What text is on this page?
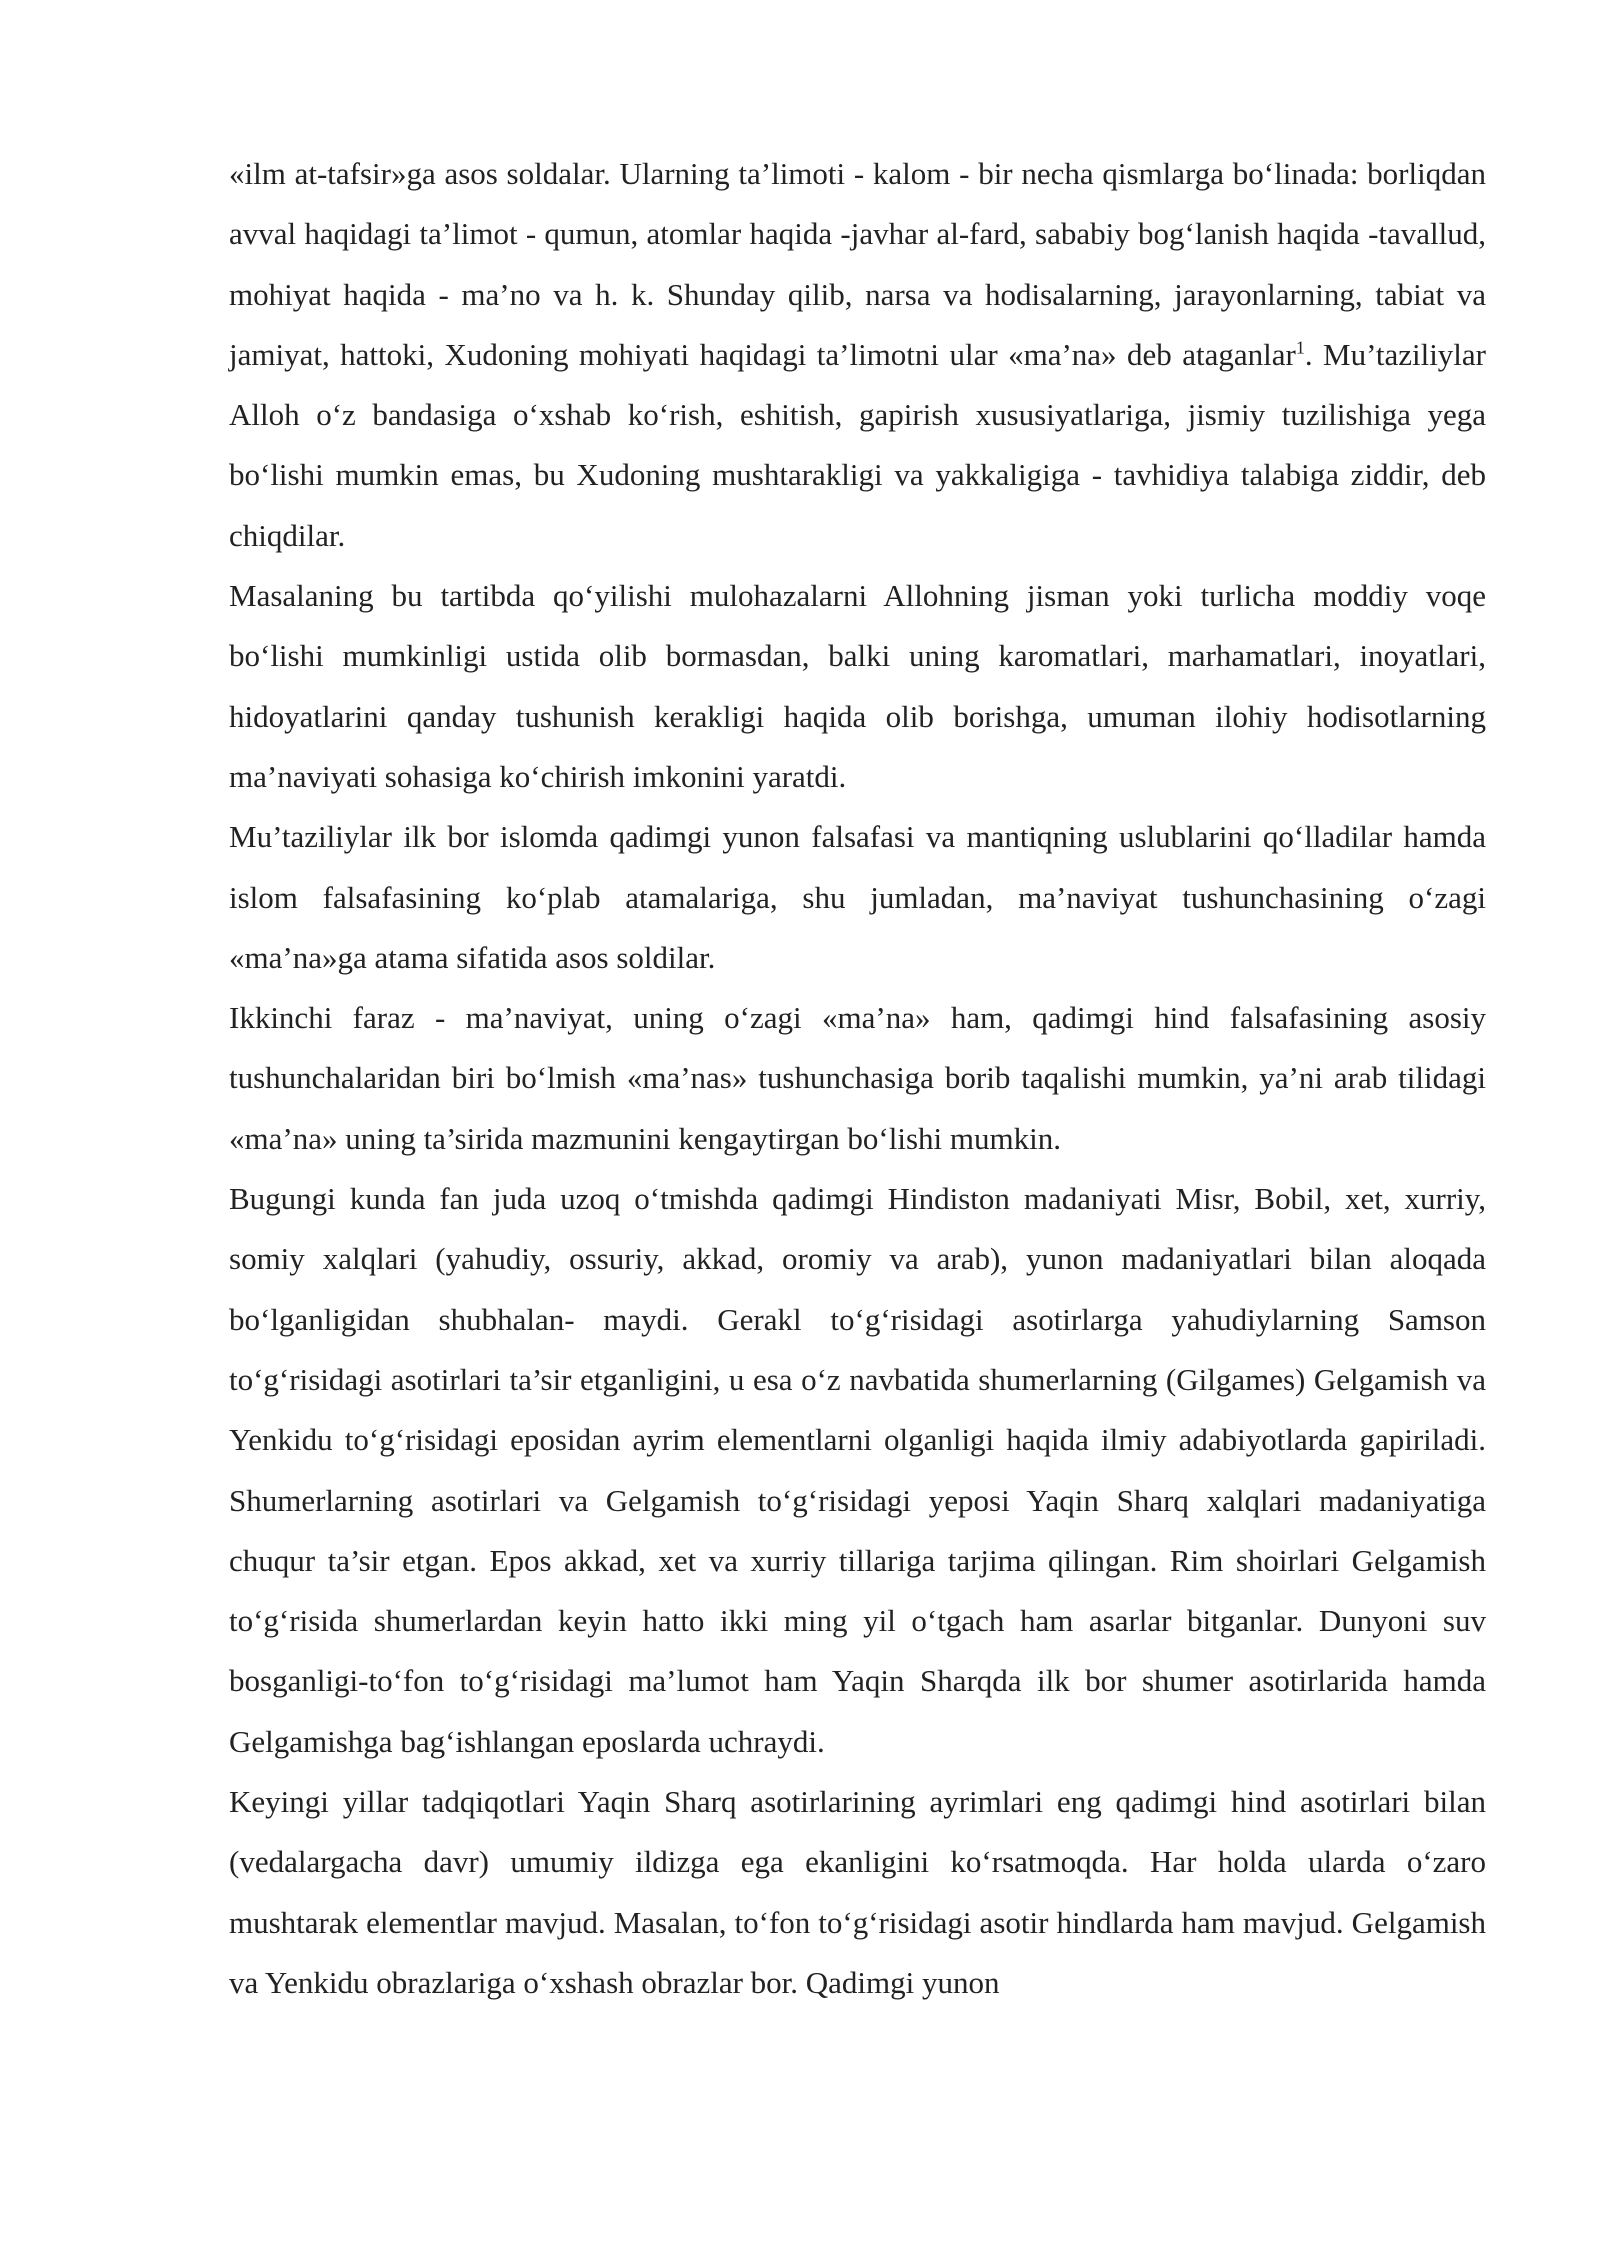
«ilm at-tafsir»ga asos soldalar. Ularning ta’limoti - kalom - bir necha qismlarga bo‘linada: borliqdan avval haqidagi ta’limot - qumun, atomlar haqida -javhar al-fard, sababiy bog‘lanish haqida -tavallud, mohiyat haqida - ma’no va h. k. Shunday qilib, narsa va hodisalarning, jarayonlarning, tabiat va jamiyat, hattoki, Xudoning mohiyati haqidagi ta’limotni ular «ma’na» deb ataganlar$^1$. Mu’taziliylar Alloh o‘z bandasiga o‘xshab ko‘rish, eshitish, gapirish xususiyatlariga, jismiy tuzilishiga yega bo‘lishi mumkin emas, bu Xudoning mushtarakligi va yakkaligiga - tavhidiya talabiga ziddir, deb chiqdilar.

Masalaning bu tartibda qo‘yilishi mulohazalarni Allohning jisman yoki turlicha moddiy voqe bo‘lishi mumkinligi ustida olib bormasdan, balki uning karomatlari, marhamatlari, inoyatlari, hidoyatlarini qanday tushunish kerakligi haqida olib borishga, umuman ilohiy hodisotlarning ma’naviyati sohasiga ko‘chirish imkonini yaratdi.

Mu’taziliylar ilk bor islomda qadimgi yunon falsafasi va mantiqning uslublarini qo‘lladilar hamda islom falsafasining ko‘plab atamalariga, shu jumladan, ma’naviyat tushunchasining o‘zagi «ma’na»ga atama sifatida asos soldilar.

Ikkinchi faraz - ma’naviyat, uning o‘zagi «ma’na» ham, qadimgi hind falsafasining asosiy tushunchalaridan biri bo‘lmish «ma’nas» tushunchasiga borib taqalishi mumkin, ya’ni arab tilidagi «ma’na» uning ta’sirida mazmunini kengaytirgan bo‘lishi mumkin.

Bugungi kunda fan juda uzoq o‘tmishda qadimgi Hindiston madaniyati Misr, Bobil, xet, xurriy, somiy xalqlari (yahudiy, ossuriy, akkad, oromiy va arab), yunon madaniyatlari bilan aloqada bo‘lganligidan shubhalan- maydi. Gerakl to‘g‘risidagi asotirlarga yahudiylarning Samson to‘g‘risidagi asotirlari ta’sir etganligini, u esa o‘z navbatida shumerlarning (Gilgames) Gelgamish va Yenkidu to‘g‘risidagi eposidan ayrim elementlarni olganligi haqida ilmiy adabiyotlarda gapiriladi. Shumerlarning asotirlari va Gelgamish to‘g‘risidagi yeposi Yaqin Sharq xalqlari madaniyatiga chuqur ta’sir etgan. Epos akkad, xet va xurriy tillariga tarjima qilingan. Rim shoirlari Gelgamish to‘g‘risida shumerlardan keyin hatto ikki ming yil o‘tgach ham asarlar bitganlar. Dunyoni suv bosganligi-to‘fon to‘g‘risidagi ma’lumot ham Yaqin Sharqda ilk bor shumer asotirlarida hamda Gelgamishga bag‘ishlangan eposlarda uchraydi.

Keyingi yillar tadqiqotlari Yaqin Sharq asotirlarining ayrimlari eng qadimgi hind asotirlari bilan (vedalargacha davr) umumiy ildizga ega ekanligini ko‘rsatmoqda. Har holda ularda o‘zaro mushtarak elementlar mavjud. Masalan, to‘fon to‘g‘risidagi asotir hindlarda ham mavjud. Gelgamish va Yenkidu obrazlariga o‘xshash obrazlar bor. Qadimgi yunon
